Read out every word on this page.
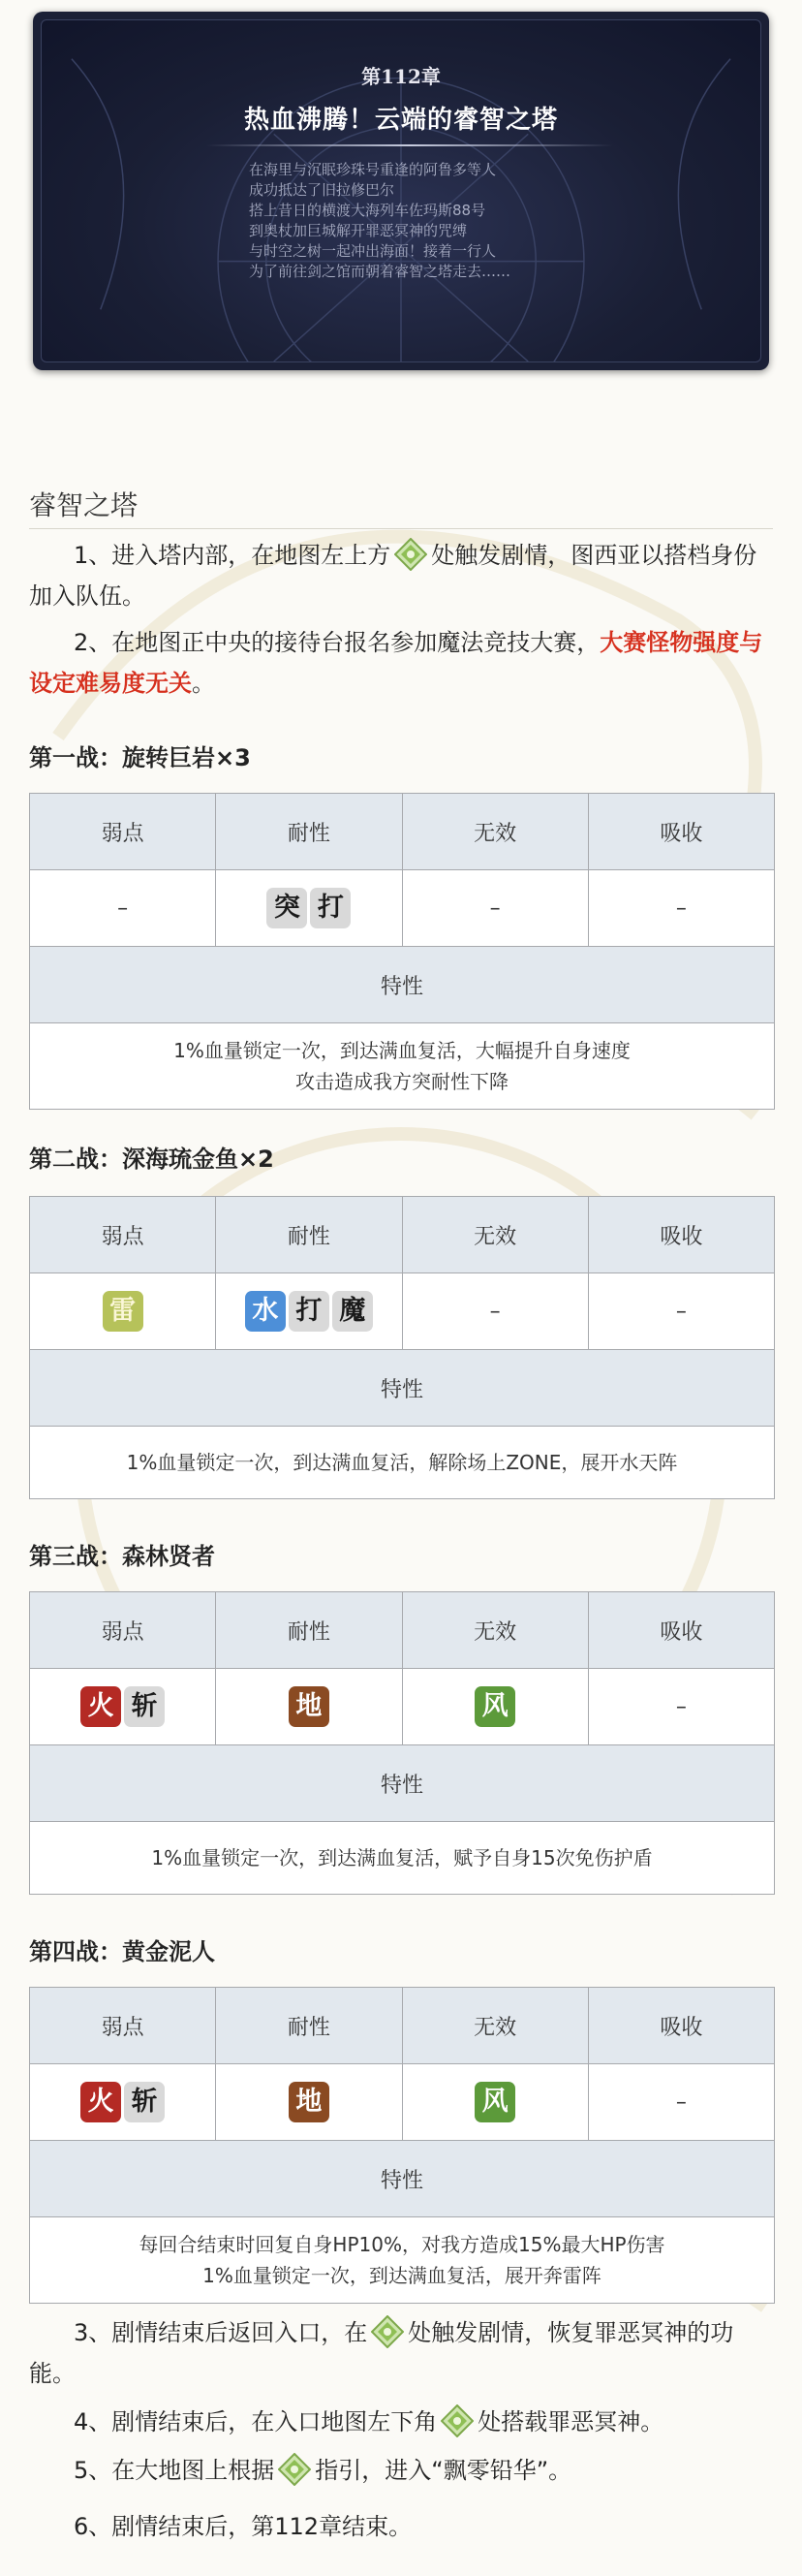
第112章
热血沸腾！云端的睿智之塔
在海里与沉眠珍珠号重逢的阿鲁多等人
成功抵达了旧拉修巴尔
搭上昔日的横渡大海列车佐玛斯88号
到奥杖加巨城解开罪恶冥神的咒缚
与时空之树一起冲出海面！接着一行人
为了前往剑之馆而朝着睿智之塔走去……
睿智之塔
1、进入塔内部，在地图左上方 处触发剧情，图西亚以搭档身份加入队伍。
2、在地图正中央的接待台报名参加魔法竞技大赛，大赛怪物强度与设定难易度无关。
第一战：旋转巨岩×3
弱点	耐性	无效	吸收
–	突 打	–	–
特性			

1%血量锁定一次，到达满血复活，大幅提升自身速度
攻击造成我方突耐性下降			
第二战：深海琉金鱼×2
弱点	耐性	无效	吸收

雷	水 打 魔	–	–
特性			

1%血量锁定一次，到达满血复活，解除场上ZONE，展开水天阵			
第三战：森林贤者
弱点	耐性	无效	吸收

火 斩	地	风	–
特性			

1%血量锁定一次，到达满血复活，赋予自身15次免伤护盾			
第四战：黄金泥人
弱点	耐性	无效	吸收

火 斩	地	风	–
特性			

每回合结束时回复自身HP10%，对我方造成15%最大HP伤害
1%血量锁定一次，到达满血复活，展开奔雷阵			
3、剧情结束后返回入口，在 处触发剧情，恢复罪恶冥神的功能。
4、剧情结束后，在入口地图左下角 处搭载罪恶冥神。
5、在大地图上根据 指引，进入“飘零铅华”。
6、剧情结束后，第112章结束。
